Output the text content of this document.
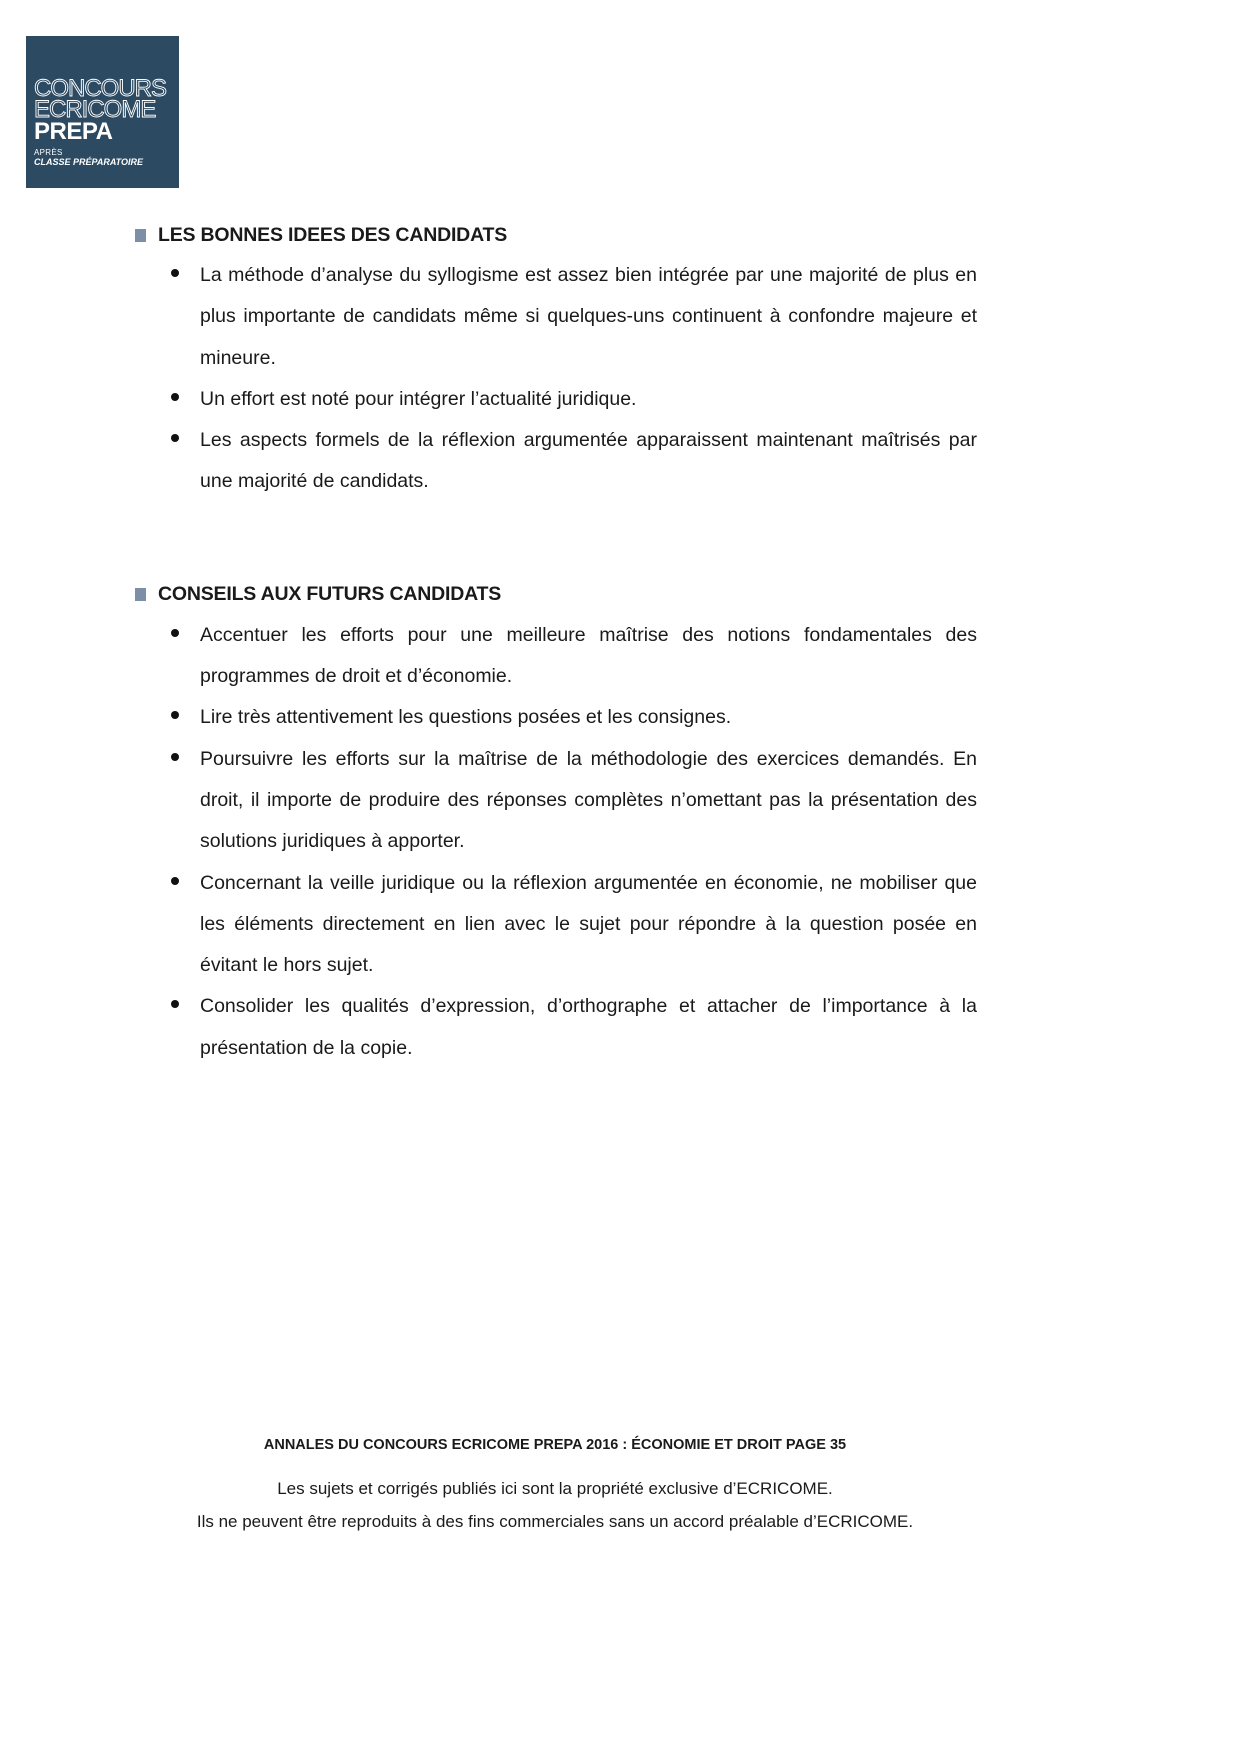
CONCOURS
ECRICOME
PREPA
APRÈS
CLASSE PRÉPARATOIRE
LES BONNES IDEES DES CANDIDATS
La méthode d’analyse du syllogisme est assez bien intégrée par une majorité de plus en plus importante de candidats même si quelques-uns continuent à confondre majeure et mineure.
Un effort est noté pour intégrer l’actualité juridique.
Les aspects formels de la réflexion argumentée apparaissent maintenant maîtrisés par une majorité de candidats.
CONSEILS AUX FUTURS CANDIDATS
Accentuer les efforts pour une meilleure maîtrise des notions fondamentales des programmes de droit et d’économie.
Lire très attentivement les questions posées et les consignes.
Poursuivre les efforts sur la maîtrise de la méthodologie des exercices demandés. En droit, il importe de produire des réponses complètes n’omettant pas la présentation des solutions juridiques à apporter.
Concernant la veille juridique ou la réflexion argumentée en économie, ne mobiliser que les éléments directement en lien avec le sujet pour répondre à la question posée en évitant le hors sujet.
Consolider les qualités d’expression, d’orthographe et attacher de l’importance à la présentation de la copie.
ANNALES DU CONCOURS ECRICOME PREPA 2016 : ÉCONOMIE ET DROIT PAGE 35
Les sujets et corrigés publiés ici sont la propriété exclusive d’ECRICOME.
Ils ne peuvent être reproduits à des fins commerciales sans un accord préalable d’ECRICOME.
